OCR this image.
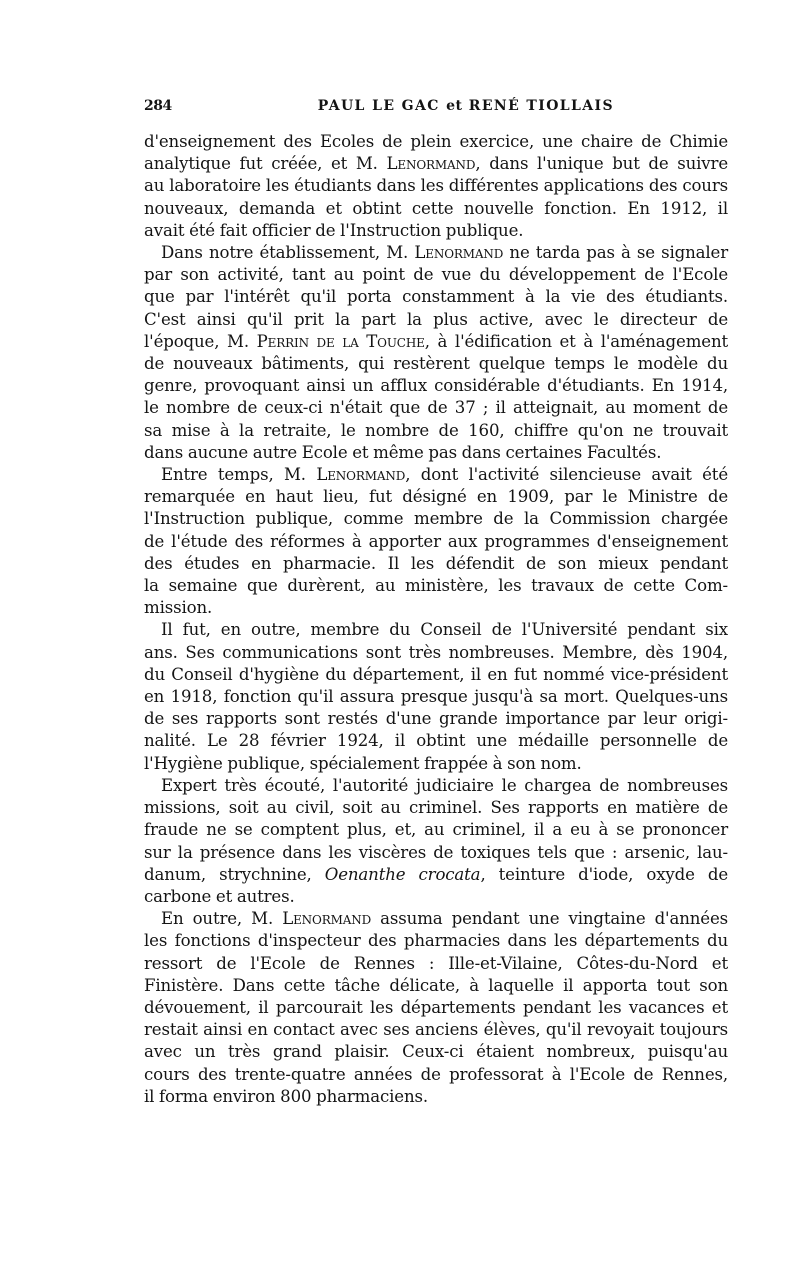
284	PAUL LE GAC et RENÉ TIOLLAIS
d'enseignement des Ecoles de plein exercice, une chaire de Chimie
analytique fut créée, et M. Lenormand, dans l'unique but de suivre
au laboratoire les étudiants dans les différentes applications des cours
nouveaux, demanda et obtint cette nouvelle fonction. En 1912, il
avait été fait officier de l'Instruction publique.
Dans notre établissement, M. Lenormand ne tarda pas à se signaler
par son activité, tant au point de vue du développement de l'Ecole
que par l'intérêt qu'il porta constamment à la vie des étudiants.
C'est ainsi qu'il prit la part la plus active, avec le directeur de
l'époque, M. Perrin de la Touche, à l'édification et à l'aménagement
de nouveaux bâtiments, qui restèrent quelque temps le modèle du
genre, provoquant ainsi un afflux considérable d'étudiants. En 1914,
le nombre de ceux-ci n'était que de 37 ; il atteignait, au moment de
sa mise à la retraite, le nombre de 160, chiffre qu'on ne trouvait
dans aucune autre Ecole et même pas dans certaines Facultés.
Entre temps, M. Lenormand, dont l'activité silencieuse avait été
remarquée en haut lieu, fut désigné en 1909, par le Ministre de
l'Instruction publique, comme membre de la Commission chargée
de l'étude des réformes à apporter aux programmes d'enseignement
des études en pharmacie. Il les défendit de son mieux pendant
la semaine que durèrent, au ministère, les travaux de cette Com-
mission.
Il fut, en outre, membre du Conseil de l'Université pendant six
ans. Ses communications sont très nombreuses. Membre, dès 1904,
du Conseil d'hygiène du département, il en fut nommé vice-président
en 1918, fonction qu'il assura presque jusqu'à sa mort. Quelques-uns
de ses rapports sont restés d'une grande importance par leur origi-
nalité. Le 28 février 1924, il obtint une médaille personnelle de
l'Hygiène publique, spécialement frappée à son nom.
Expert très écouté, l'autorité judiciaire le chargea de nombreuses
missions, soit au civil, soit au criminel. Ses rapports en matière de
fraude ne se comptent plus, et, au criminel, il a eu à se prononcer
sur la présence dans les viscères de toxiques tels que : arsenic, lau-
danum, strychnine, Oenanthe crocata, teinture d'iode, oxyde de
carbone et autres.
En outre, M. Lenormand assuma pendant une vingtaine d'années
les fonctions d'inspecteur des pharmacies dans les départements du
ressort de l'Ecole de Rennes : Ille-et-Vilaine, Côtes-du-Nord et
Finistère. Dans cette tâche délicate, à laquelle il apporta tout son
dévouement, il parcourait les départements pendant les vacances et
restait ainsi en contact avec ses anciens élèves, qu'il revoyait toujours
avec un très grand plaisir. Ceux-ci étaient nombreux, puisqu'au
cours des trente-quatre années de professorat à l'Ecole de Rennes,
il forma environ 800 pharmaciens.
